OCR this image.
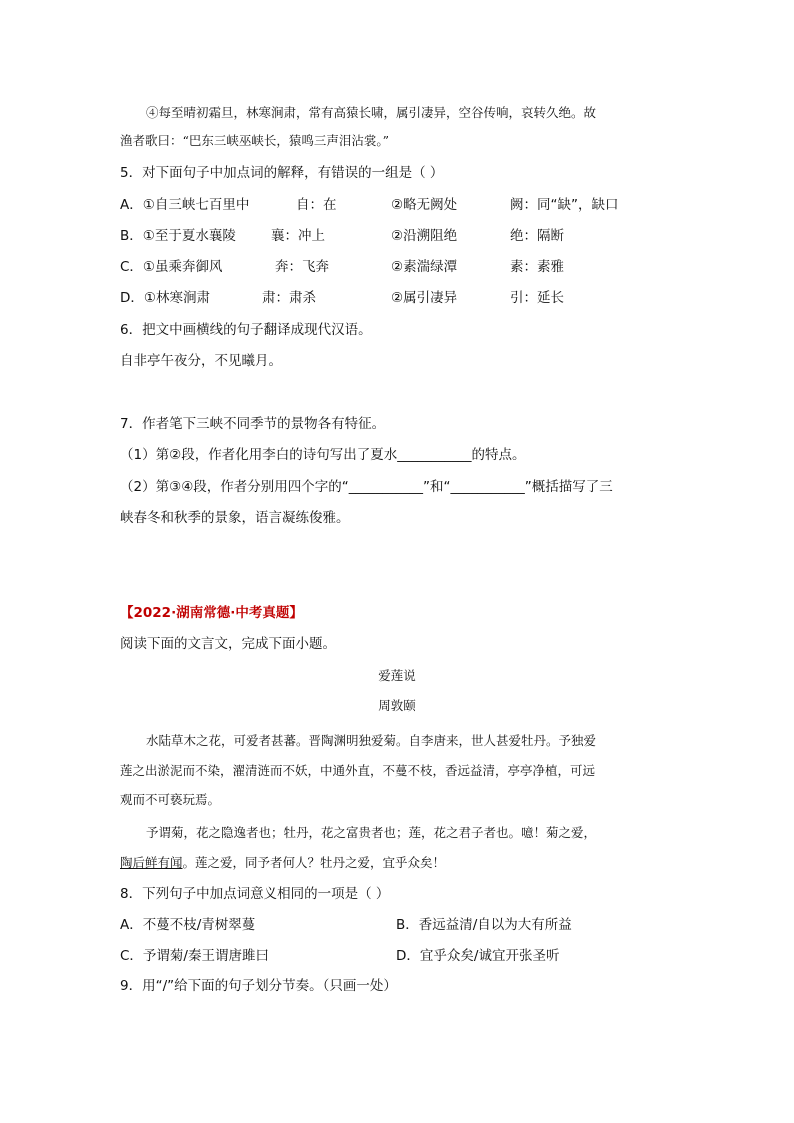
④每至晴初霜旦，林寒涧肃，常有高猿长啸，属引凄异，空谷传响，哀转久绝。故
渔者歌曰：“巴东三峡巫峡长，猿鸣三声泪沾裳。”
5．对下面句子中加点词的解释，有错误的一组是（ ）
A．①自三峡七百里中	自：在	②略无阙处	阙：同“缺”，缺口
B．①至于夏水襄陵	襄：冲上	②沿溯阻绝	绝：隔断
C．①虽乘奔御风	奔：飞奔	②素湍绿潭	素：素雅
D．①林寒涧肃	肃：肃杀	②属引凄异	引：延长
6．把文中画横线的句子翻译成现代汉语。
自非亭午夜分，不见曦月。
7．作者笔下三峡不同季节的景物各有特征。
（1）第②段，作者化用李白的诗句写出了夏水___________的特点。
（2）第③④段，作者分别用四个字的“___________”和“___________”概括描写了三
峡春冬和秋季的景象，语言凝练俊雅。
【2022·湖南常德·中考真题】
阅读下面的文言文，完成下面小题。
爱莲说
周敦颐
水陆草木之花，可爱者甚蕃。晋陶渊明独爱菊。自李唐来，世人甚爱牡丹。予独爱
莲之出淤泥而不染，濯清涟而不妖，中通外直，不蔓不枝，香远益清，亭亭净植，可远
观而不可亵玩焉。
予谓菊，花之隐逸者也；牡丹，花之富贵者也；莲，花之君子者也。噫！菊之爱，
陶后鲜有闻。莲之爱，同予者何人？牡丹之爱，宜乎众矣！
8．下列句子中加点词意义相同的一项是（ ）
A．不蔓不枝/青树翠蔓	B．香远益清/自以为大有所益
C．予谓菊/秦王谓唐雎曰	D．宜乎众矣/诚宜开张圣听
9．用“/”给下面的句子划分节奏。（只画一处）
